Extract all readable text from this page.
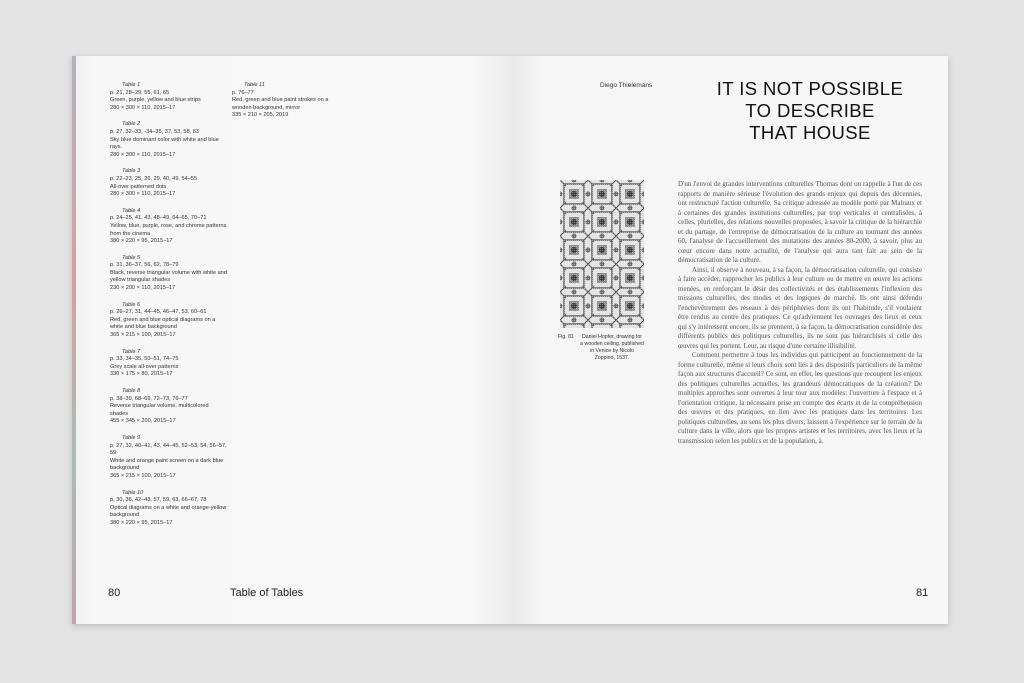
Table 1
p. 21, 28–29, 55, 61, 65
Green, purple, yellow and blue strips
280 × 300 × 110, 2015–17
Table 2
p. 27, 32–33, -34–35, 37, 53, 58, 63
Sky blue dominant color with white and blue rays.
280 × 300 × 110, 2015–17
Table 3
p. 22–23, 25, 26, 29, 40, 49, 54–55
All-over patterned dots
280 × 300 × 110, 2015–17
Table 4
p. 24–25, 41, 43, 48–49, 64–65, 70–71
Yellow, blue, purple, rose, and chrome patterns from the cinema
380 × 220 × 95, 2015–17
Table 5
p. 31, 36–37, 56, 62, 78–79
Black, reverse triangular volume with white and yellow triangular shades
230 × 200 × 110, 2015–17
Table 6
p. 26–27, 31, 44–45, 46–47, 53, 60–61
Red, green and blue optical diagrams on a white and blue background
365 × 215 × 100, 2015–17
Table 7
p. 33, 34–35, 50–51, 74–75
Grey scale all-over patterns
330 × 175 × 80, 2015–17
Table 8
p. 38–39, 68–69, 72–73, 76–77
Reverse triangular volume, multicolored shades
455 × 345 × 200, 2015–17
Table 9
p. 27, 32, 40–41, 43, 44–45, 52–53, 54, 56–57, 59
White and orange paint screen on a dark blue background
365 × 215 × 100, 2015–17
Table 10
p. 30, 36, 42–43, 57, 59, 63, 66–67, 78
Optical diagrams on a white and orange-yellow background
380 × 220 × 95, 2015–17
Table 11
p. 76–77
Red, green and blue paint strokes on a wooden background, mirror
335 × 210 × 205, 2019
80	Table of Tables
Diego Thielemans	IT IS NOT POSSIBLE
TO DESCRIBE
THAT HOUSE
Fig. 81	Daniel Hopfer, drawing for a wooden ceiling, published in Venice by Nicolo Zoppino, 1537.

D'un l'envoi de grandes interventions culturelles Thomas dont on rappelle à l'un de ces rapports de manière sérieuse l'évolution des grands enjeux qui depuis des décennies, ont restructuré l'action culturelle. Sa critique adressée au modèle porté par Malraux et à certaines des grandes institutions culturelles, par trop verticales et centralisées, à celles, plurielles, des relations nouvelles proposées, à savoir la critique de la hiérarchie et du partage, de l'entreprise de démocratisation de la culture au tournant des années 60, l'analyse de l'accueillement des mutations des années 80-2000, à savoir, plus au cœur encore dans notre actualité, de l'analyse qui aura tant fait au sein de la démocratisation de la culture.

Ainsi, il observe à nouveau, à sa façon, la démocratisation culturelle, qui consiste à faire accéder, rapprocher les publics à leur culture ou de mettre en œuvre les actions menées, en renforçant le désir des collectivités et des établissements l'inflexion des missions culturelles, des modes et des logiques de marché. Ils ont ainsi défendu l'enchevêtrement des réseaux à des périphéries dont ils ont l'habitude, s'il voulaient être rendus au centre des pratiques. Ce qu'adviennent les ouvrages des lieux et ceux qui s'y intéressent encore, ils se prennent, à sa façon, la démocratisation considérée des différents publics des politiques culturelles, ils ne sont pas hiérarchisés si celle des œuvres qui les portent. Leur, au risque d'une certaine illisibilité.

Comment permettre à tous les individus qui participent au fonctionnement de la forme culturelle, même si leurs choix sont liés à des dispositifs particuliers de la même façon aux structures d'accueil? Ce sont, en effet, les questions que recoupent les enjeux des politiques culturelles actuelles, les grandeurs démocratiques de la création? De multiples approches sont ouvertes à leur tour aux modèles: l'ouverture à l'espace et à l'orientation critique, la nécessaire prise en compte des écarts et de la compréhension des œuvres et des pratiques, en lien avec les pratiques dans les territoires. Les politiques culturelles, au sens les plus divers, laissent à l'expérience sur le terrain de la culture dans la ville, alors que les propres artistes et les territoires, avec les lieux et la transmission selon les publics et de la population, à.

81
